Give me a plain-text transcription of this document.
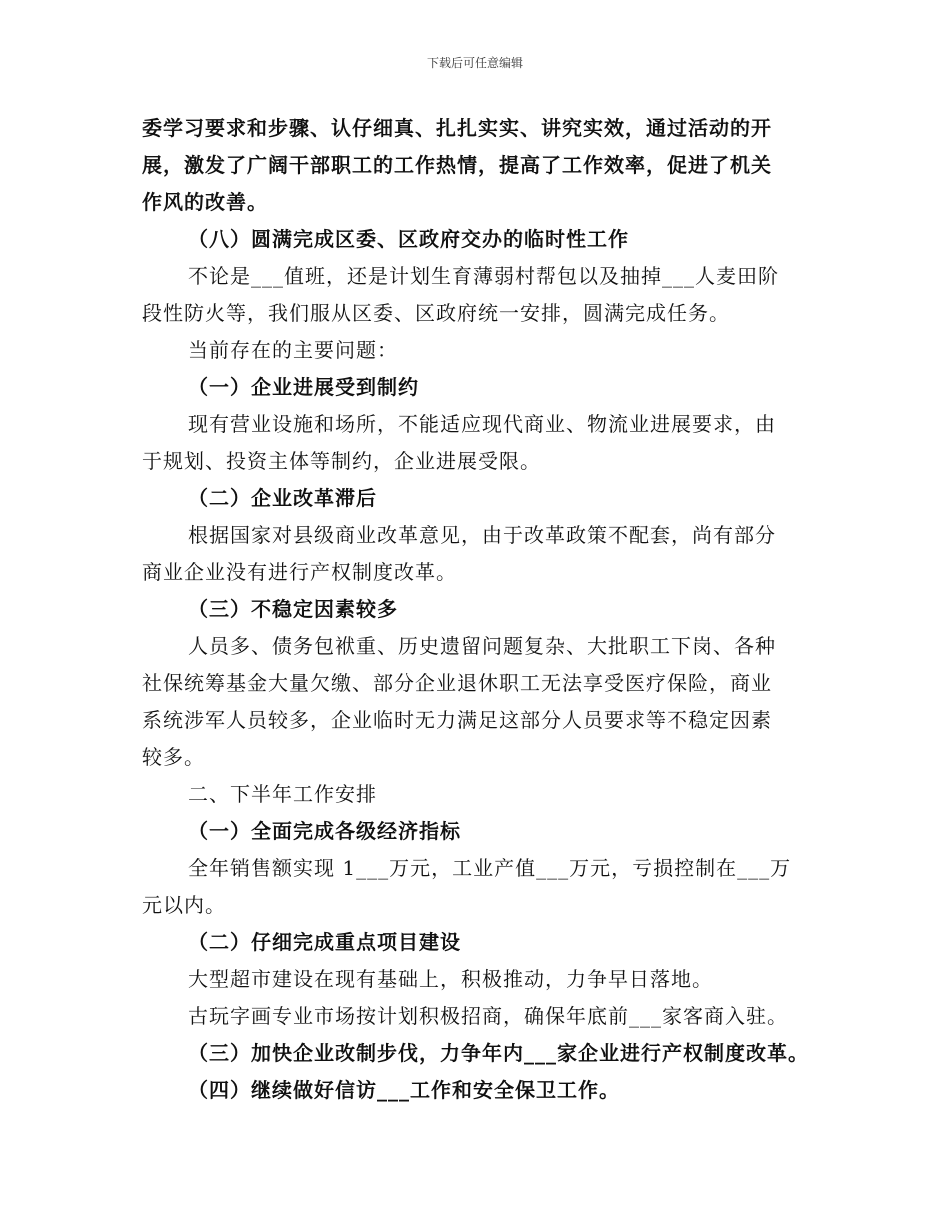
下载后可任意编辑

委学习要求和步骤、认仔细真、扎扎实实、讲究实效，通过活动的开

展，激发了广阔干部职工的工作热情，提高了工作效率，促进了机关

作风的改善。

（八）圆满完成区委、区政府交办的临时性工作

不论是___值班，还是计划生育薄弱村帮包以及抽掉___人麦田阶

段性防火等，我们服从区委、区政府统一安排，圆满完成任务。

当前存在的主要问题：

（一）企业进展受到制约

现有营业设施和场所，不能适应现代商业、物流业进展要求，由

于规划、投资主体等制约，企业进展受限。

（二）企业改革滞后

根据国家对县级商业改革意见，由于改革政策不配套，尚有部分

商业企业没有进行产权制度改革。

（三）不稳定因素较多

人员多、债务包袱重、历史遗留问题复杂、大批职工下岗、各种

社保统筹基金大量欠缴、部分企业退休职工无法享受医疗保险，商业

系统涉军人员较多，企业临时无力满足这部分人员要求等不稳定因素

较多。

二、下半年工作安排

（一）全面完成各级经济指标

全年销售额实现 1___万元，工业产值___万元，亏损控制在___万

元以内。

（二）仔细完成重点项目建设

大型超市建设在现有基础上，积极推动，力争早日落地。

古玩字画专业市场按计划积极招商，确保年底前___家客商入驻。

（三）加快企业改制步伐，力争年内___家企业进行产权制度改革。

（四）继续做好信访___工作和安全保卫工作。
